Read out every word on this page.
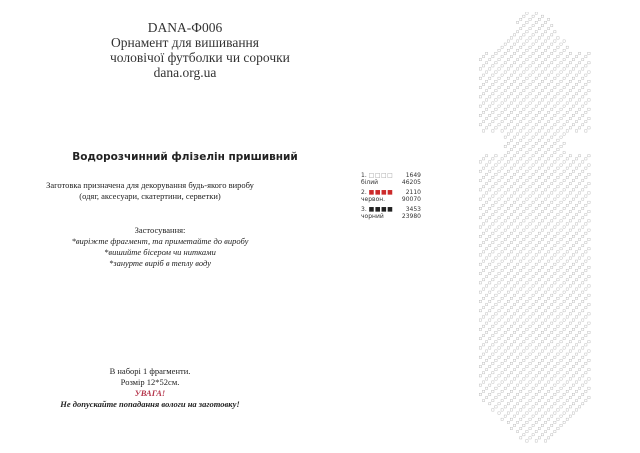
DANA-Ф006
Орнамент для вишивання
чоловічої футболки чи сорочки
dana.org.ua
Водорозчинний флізелін пришивний
Заготовка призначена для декорування будь-якого виробу
(одяг, аксесуари, скатертини, серветки)
Застосування:
*виріжте фрагмент, та приметайте до виробу
*вишийте бісером чи нитками
*занурте виріб в теплу воду
В наборі 1 фрагменти.
Розмір 12*52см.
УВАГА!
Не допускайте попадання вологи на заготовку!
1. □□□□ 1649
білий	46205
2. ■■■■ 2110
червон.	90070
3. ■■■■ 3453
чорний	23980
